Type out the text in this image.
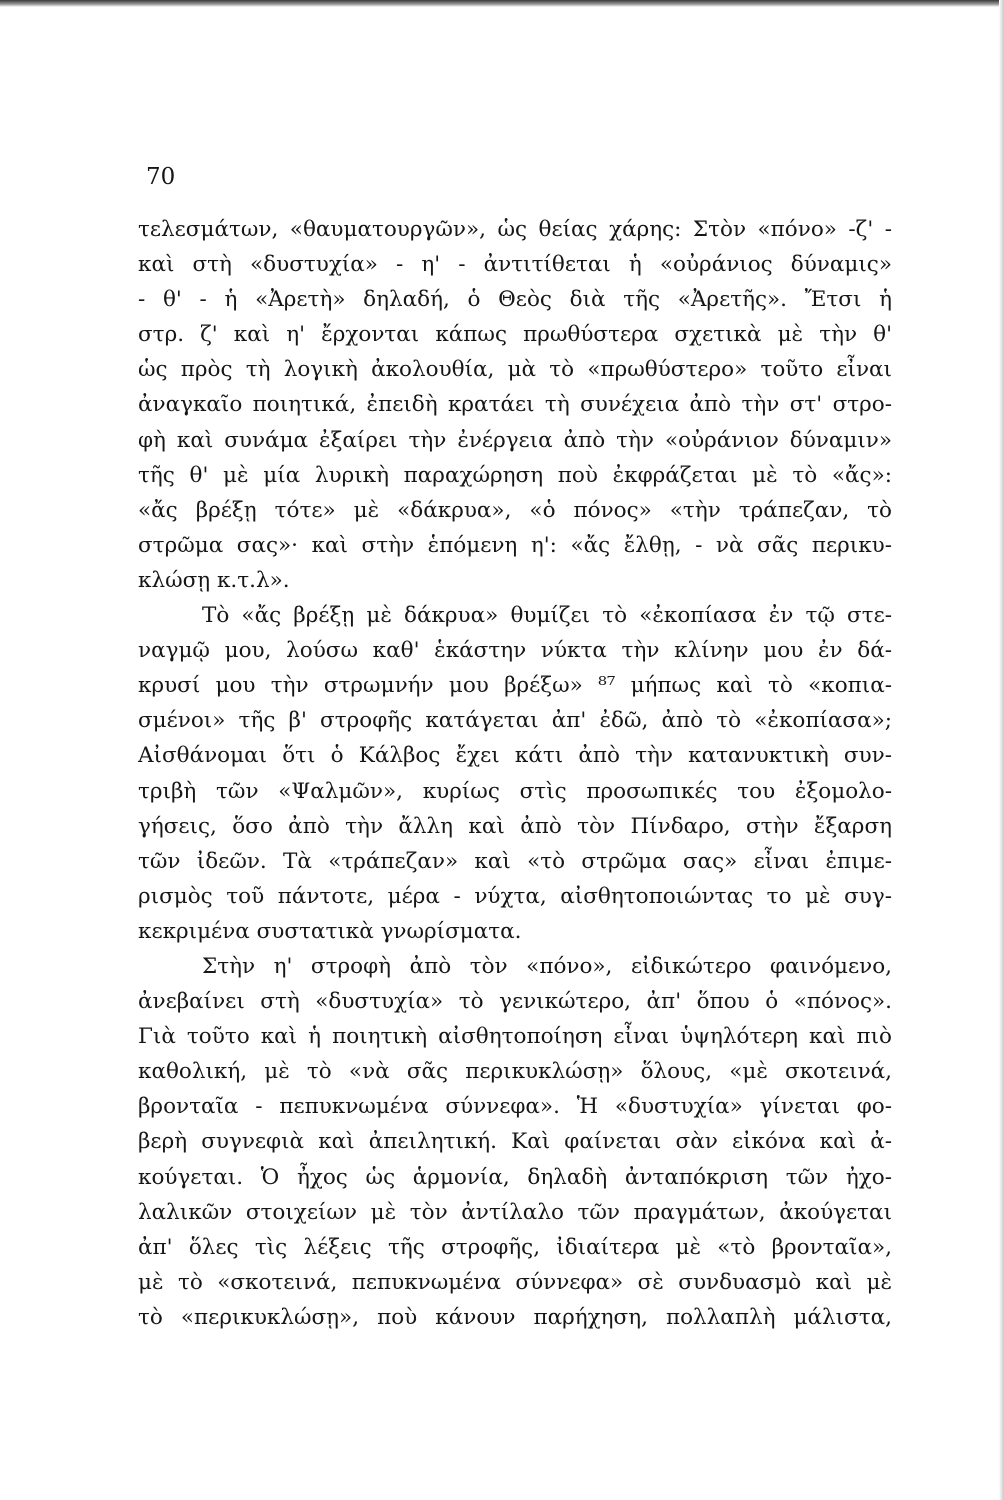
70
τελεσμάτων, «θαυματουργῶν», ὡς θείας χάρης: Στὸν «πόνο» -ζ' -
καὶ στὴ «δυστυχία» - η' - ἀντιτίθεται ἡ «οὐράνιος δύναμις»
- θ' - ἡ «Ἀρετὴ» δηλαδή, ὁ Θεὸς διὰ τῆς «Ἀρετῆς». Ἔτσι ἡ
στρ. ζ' καὶ η' ἔρχονται κάπως πρωθύστερα σχετικὰ μὲ τὴν θ'
ὡς πρὸς τὴ λογικὴ ἀκολουθία, μὰ τὸ «πρωθύστερο» τοῦτο εἶναι
ἀναγκαῖο ποιητικά, ἐπειδὴ κρατάει τὴ συνέχεια ἀπὸ τὴν στ' στρο-
φὴ καὶ συνάμα ἐξαίρει τὴν ἐνέργεια ἀπὸ τὴν «οὐράνιον δύναμιν»
τῆς θ' μὲ μία λυρικὴ παραχώρηση ποὺ ἐκφράζεται μὲ τὸ «ἄς»:
«ἄς βρέξῃ τότε» μὲ «δάκρυα», «ὁ πόνος» «τὴν τράπεζαν, τὸ
στρῶμα σας»· καὶ στὴν ἑπόμενη η': «ἄς ἔλθῃ, - νὰ σᾶς περικυ-
κλώσῃ κ.τ.λ».
Τὸ «ἄς βρέξῃ μὲ δάκρυα» θυμίζει τὸ «ἐκοπίασα ἐν τῷ στε-
ναγμῷ μου, λούσω καθ' ἑκάστην νύκτα τὴν κλίνην μου ἐν δά-
κρυσί μου τὴν στρωμνήν μου βρέξω» ⁸⁷ μήπως καὶ τὸ «κοπια-
σμένοι» τῆς β' στροφῆς κατάγεται ἀπ' ἐδῶ, ἀπὸ τὸ «ἐκοπίασα»;
Αἰσθάνομαι ὅτι ὁ Κάλβος ἔχει κάτι ἀπὸ τὴν κατανυκτικὴ συν-
τριβὴ τῶν «Ψαλμῶν», κυρίως στὶς προσωπικές του ἐξομολο-
γήσεις, ὅσο ἀπὸ τὴν ἄλλη καὶ ἀπὸ τὸν Πίνδαρο, στὴν ἔξαρση
τῶν ἰδεῶν. Τὰ «τράπεζαν» καὶ «τὸ στρῶμα σας» εἶναι ἐπιμε-
ρισμὸς τοῦ πάντοτε, μέρα - νύχτα, αἰσθητοποιώντας το μὲ συγ-
κεκριμένα συστατικὰ γνωρίσματα.
Στὴν η' στροφὴ ἀπὸ τὸν «πόνο», εἰδικώτερο φαινόμενο,
ἀνεβαίνει στὴ «δυστυχία» τὸ γενικώτερο, ἀπ' ὅπου ὁ «πόνος».
Γιὰ τοῦτο καὶ ἡ ποιητικὴ αἰσθητοποίηση εἶναι ὑψηλότερη καὶ πιὸ
καθολική, μὲ τὸ «νὰ σᾶς περικυκλώσῃ» ὅλους, «μὲ σκοτεινά,
βρονταῖα - πεπυκνωμένα σύννεφα». Ἡ «δυστυχία» γίνεται φο-
βερὴ συγνεφιὰ καὶ ἀπειλητική. Καὶ φαίνεται σὰν εἰκόνα καὶ ἀ-
κούγεται. Ὁ ἦχος ὡς ἁρμονία, δηλαδὴ ἀνταπόκριση τῶν ἠχο-
λαλικῶν στοιχείων μὲ τὸν ἀντίλαλο τῶν πραγμάτων, ἀκούγεται
ἀπ' ὅλες τὶς λέξεις τῆς στροφῆς, ἰδιαίτερα μὲ «τὸ βρονταῖα»,
μὲ τὸ «σκοτεινά, πεπυκνωμένα σύννεφα» σὲ συνδυασμὸ καὶ μὲ
τὸ «περικυκλώσῃ», ποὺ κάνουν παρήχηση, πολλαπλὴ μάλιστα,
